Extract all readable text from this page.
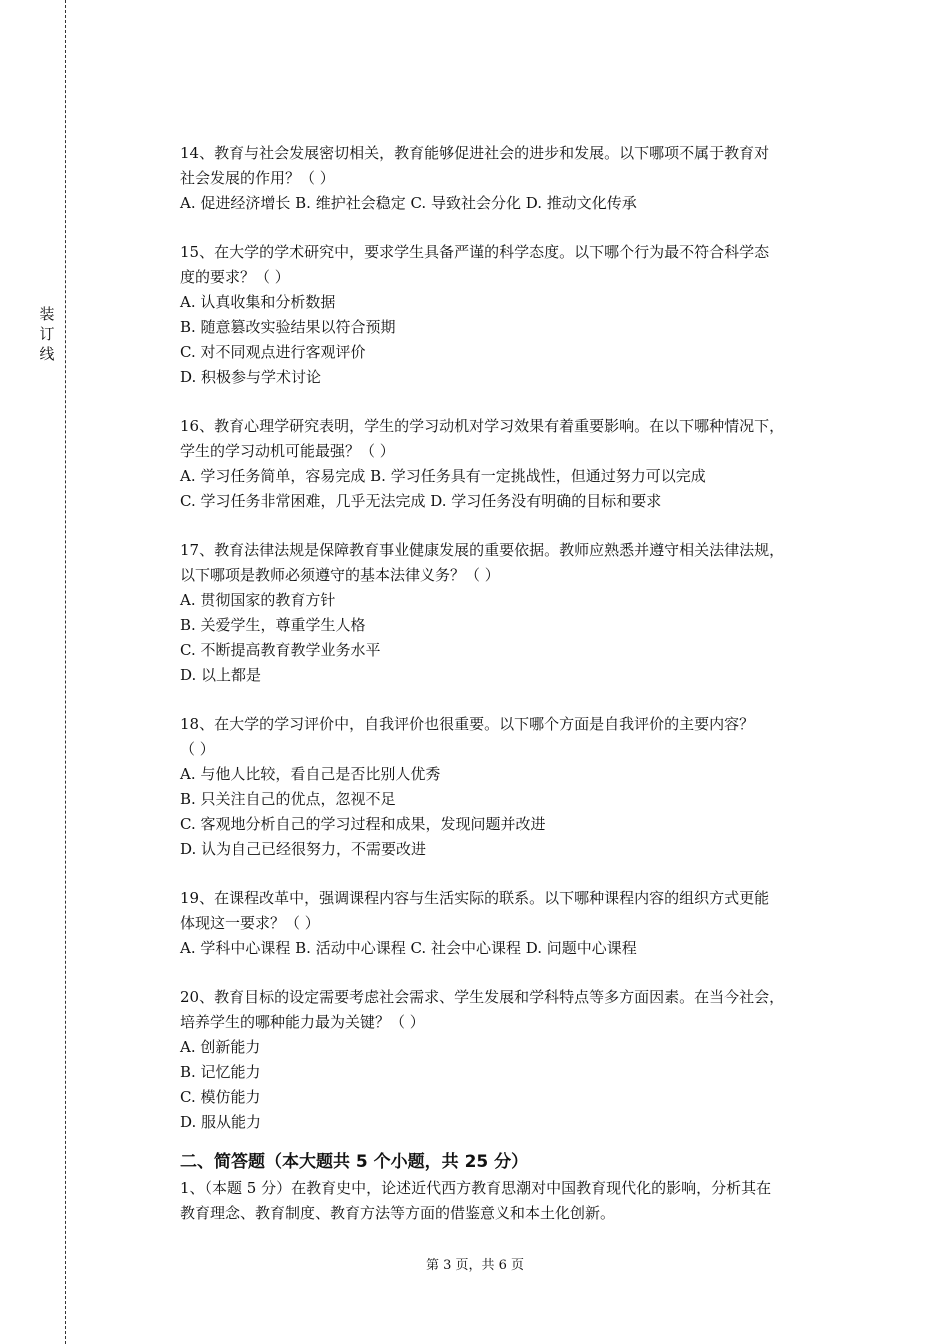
装
订
线

14、教育与社会发展密切相关，教育能够促进社会的进步和发展。以下哪项不属于教育对

社会发展的作用？（ ）

A. 促进经济增长 B. 维护社会稳定 C. 导致社会分化 D. 推动文化传承

15、在大学的学术研究中，要求学生具备严谨的科学态度。以下哪个行为最不符合科学态

度的要求？（ ）

A. 认真收集和分析数据

B. 随意篡改实验结果以符合预期

C. 对不同观点进行客观评价

D. 积极参与学术讨论

16、教育心理学研究表明，学生的学习动机对学习效果有着重要影响。在以下哪种情况下，

学生的学习动机可能最强？（ ）

A. 学习任务简单，容易完成 B. 学习任务具有一定挑战性，但通过努力可以完成

C. 学习任务非常困难，几乎无法完成 D. 学习任务没有明确的目标和要求

17、教育法律法规是保障教育事业健康发展的重要依据。教师应熟悉并遵守相关法律法规，

以下哪项是教师必须遵守的基本法律义务？（ ）

A. 贯彻国家的教育方针

B. 关爱学生，尊重学生人格

C. 不断提高教育教学业务水平

D. 以上都是

18、在大学的学习评价中，自我评价也很重要。以下哪个方面是自我评价的主要内容？

（ ）

A. 与他人比较，看自己是否比别人优秀

B. 只关注自己的优点，忽视不足

C. 客观地分析自己的学习过程和成果，发现问题并改进

D. 认为自己已经很努力，不需要改进

19、在课程改革中，强调课程内容与生活实际的联系。以下哪种课程内容的组织方式更能

体现这一要求？（ ）

A. 学科中心课程 B. 活动中心课程 C. 社会中心课程 D. 问题中心课程

20、教育目标的设定需要考虑社会需求、学生发展和学科特点等多方面因素。在当今社会，

培养学生的哪种能力最为关键？（ ）

A. 创新能力

B. 记忆能力

C. 模仿能力

D. 服从能力

二、简答题（本大题共 5 个小题，共 25 分）

1、（本题 5 分）在教育史中，论述近代西方教育思潮对中国教育现代化的影响，分析其在

教育理念、教育制度、教育方法等方面的借鉴意义和本土化创新。

第 3 页，共 6 页
